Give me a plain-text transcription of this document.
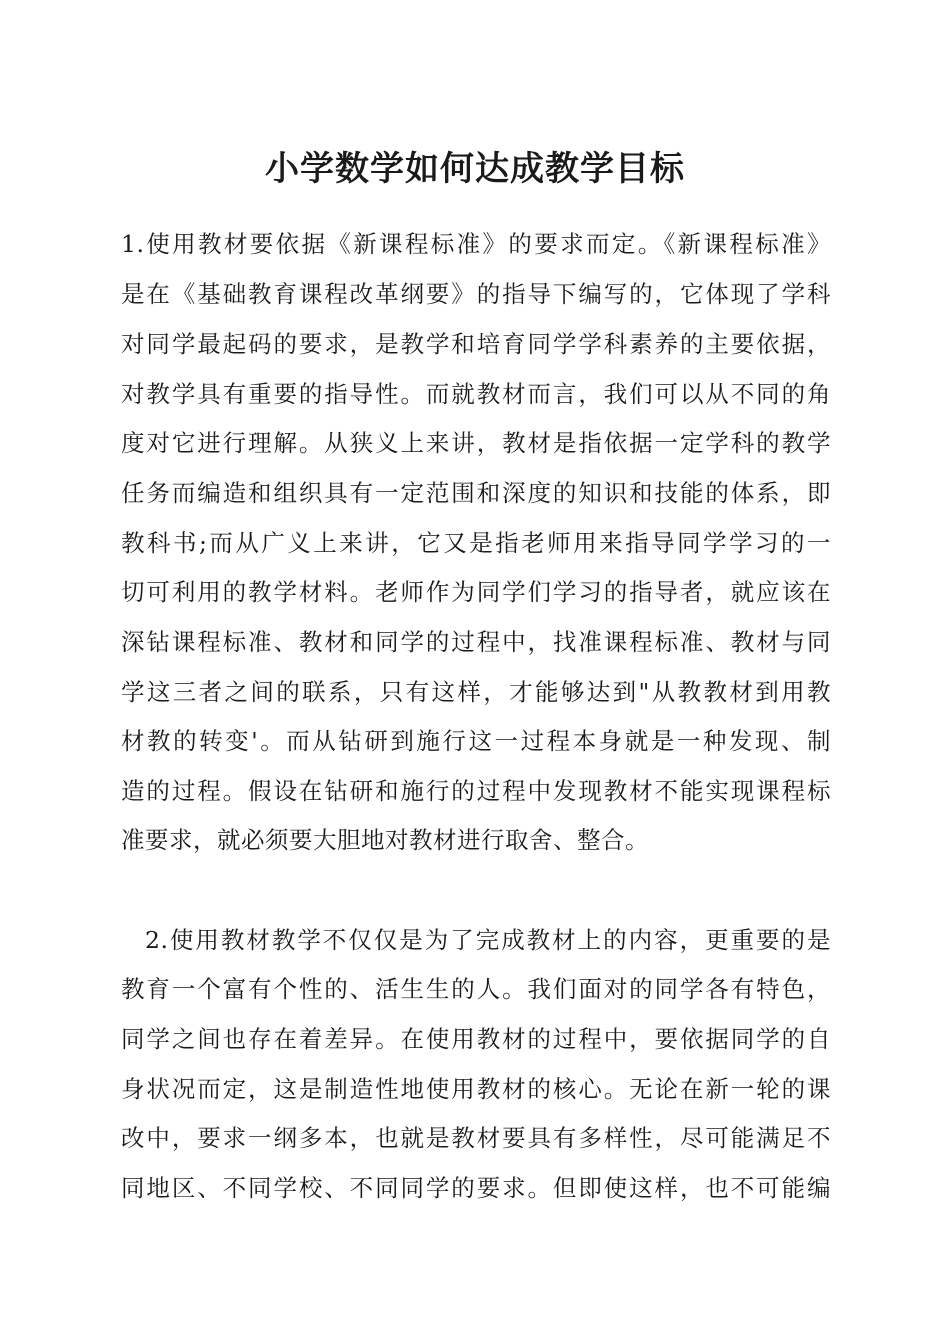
小学数学如何达成教学目标
1.使用教材要依据《新课程标准》的要求而定。《新课程标准》
是在《基础教育课程改革纲要》的指导下编写的，它体现了学科
对同学最起码的要求，是教学和培育同学学科素养的主要依据，
对教学具有重要的指导性。而就教材而言，我们可以从不同的角
度对它进行理解。从狭义上来讲，教材是指依据一定学科的教学
任务而编造和组织具有一定范围和深度的知识和技能的体系，即
教科书;而从广义上来讲，它又是指老师用来指导同学学习的一
切可利用的教学材料。老师作为同学们学习的指导者，就应该在
深钻课程标准、教材和同学的过程中，找准课程标准、教材与同
学这三者之间的联系，只有这样，才能够达到"从教教材到用教
材教的转变'。而从钻研到施行这一过程本身就是一种发现、制
造的过程。假设在钻研和施行的过程中发现教材不能实现课程标
准要求，就必须要大胆地对教材进行取舍、整合。
2.使用教材教学不仅仅是为了完成教材上的内容，更重要的是
教育一个富有个性的、活生生的人。我们面对的同学各有特色，
同学之间也存在着差异。在使用教材的过程中，要依据同学的自
身状况而定，这是制造性地使用教材的核心。无论在新一轮的课
改中，要求一纲多本，也就是教材要具有多样性，尽可能满足不
同地区、不同学校、不同同学的要求。但即使这样，也不可能编
